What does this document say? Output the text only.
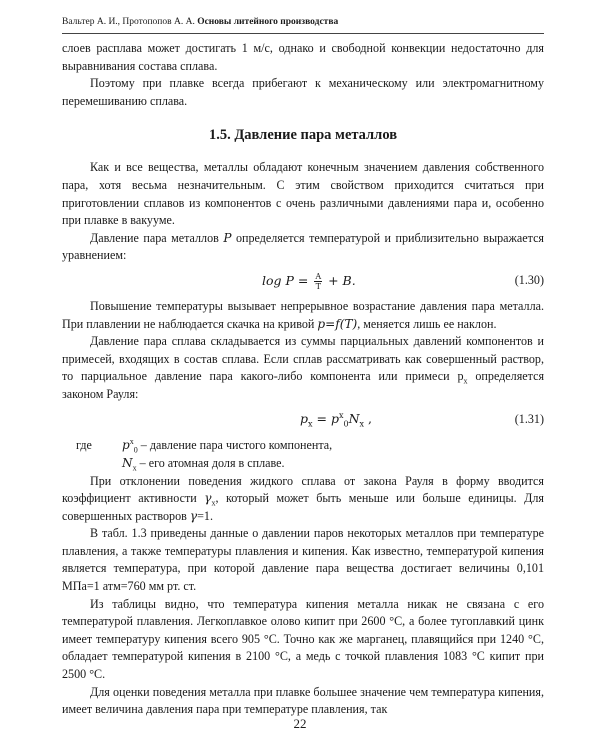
Вальтер А. И., Протопопов А. А. Основы литейного производства

слоев расплава может достигать 1 м/с, однако и свободной конвекции недостаточно для выравнивания состава сплава.

Поэтому при плавке всегда прибегают к механическому или электромагнитному перемешиванию сплава.

1.5. Давление пара металлов

Как и все вещества, металлы обладают конечным значением давления собственного пара, хотя весьма незначительным. С этим свойством приходится считаться при приготовлении сплавов из компонентов с очень различными давлениями пара и, особенно при плавке в вакууме.

Давление пара металлов P определяется температурой и приблизительно выражается уравнением:

$\log P = \frac{A}{T} + B$.	(1.30)

Повышение температуры вызывает непрерывное возрастание давления пара металла. При плавлении не наблюдается скачка на кривой p=f(T), меняется лишь ее наклон.

Давление пара сплава складывается из суммы парциальных давлений компонентов и примесей, входящих в состав сплава. Если сплав рассматривать как совершенный раствор, то парциальное давление пара какого-либо компонента или примеси $p_x$ определяется законом Рауля:

$p_x = p^x_0N_x$ ,	(1.31)
где $p^x_0$ – давление пара чистого компонента,
$N_x$ – его атомная доля в сплаве.

При отклонении поведения жидкого сплава от закона Рауля в форму вводится коэффициент активности $\gamma_x$, который может быть меньше или больше единицы. Для совершенных растворов γ=1.

В табл. 1.3 приведены данные о давлении паров некоторых металлов при температуре плавления, а также температуры плавления и кипения. Как известно, температурой кипения является температура, при которой давление пара вещества достигает величины 0,101 МПа=1 атм=760 мм рт. ст.

Из таблицы видно, что температура кипения металла никак не связана с его температурой плавления. Легкоплавкое олово кипит при 2600 °С, а более тугоплавкий цинк имеет температуру кипения всего 905 °С. Точно как же марганец, плавящийся при 1240 °С, обладает температурой кипения в 2100 °С, а медь с точкой плавления 1083 °С кипит при 2500 °С.

Для оценки поведения металла при плавке большее значение чем температура кипения, имеет величина давления пара при температуре плавления, так

22
